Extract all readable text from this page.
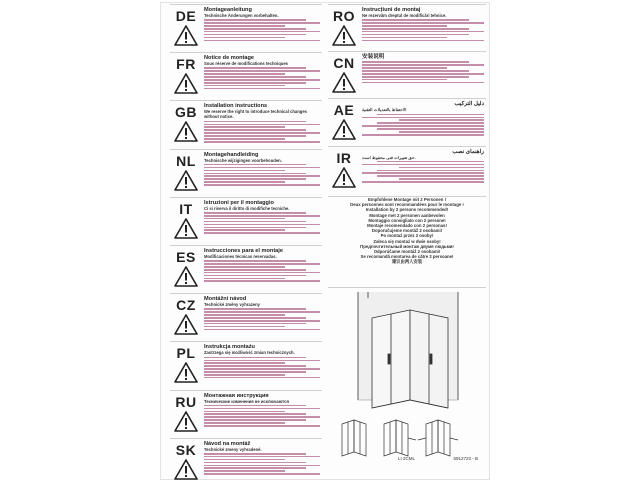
DE	Montageanleitung
Technische Änderungen vorbehalten.
FR	Notice de montage
Sous réserve de modifications techniques
GB	Installation instructions
We reserve the right to introduce technical changes without notice.
NL	Montagehandleiding
Technische wijzigingen voorbehouden.
IT	Istruzioni per il montaggio
Ci si riserva il diritto di modifiche tecniche.
ES	Instrucciones para el montaje
Modificaciones técnicas reservadas.
CZ	Montážní návod
Technické změny vyhrazeny
PL	Instrukcja montażu
Zastrzega się możliwość zmian technicznych.
RU	Монтажная инструкция
Технические изменения не исключаются
SK	Návod na montáž
Technické zmeny vyhradené.
RO	Instrucțiuni de montaj
Ne rezervăm dreptul de modificări tehnice.
CN	安装说明
AE	دليل التركيب
الاحتفاظ بالتعديلات التقنية
IR	راهنمای نصب
حق تغییرات فنی محفوظ است.
Empfohlene Montage mit 2 Personen !
Deux personnes sont recommandées pour le montage !
Installation by 2 persons recommended!
Montage met 2 personen aanbevolen
Montaggio consigliato con 2 persone!
Montaje recomendado con 2 personas!
Doporučujeme montáž 2 osobami!
Po montaż przez 2 osoby!
Zaleca się montaż w dwie osoby!
Предпочтительный монтаж двумя людьми!
Odporúčame montáž 2 osobami!
Se recomandă montarea de către 2 persoane!
建议由两人安装
LI 2CML	6912723 - B
